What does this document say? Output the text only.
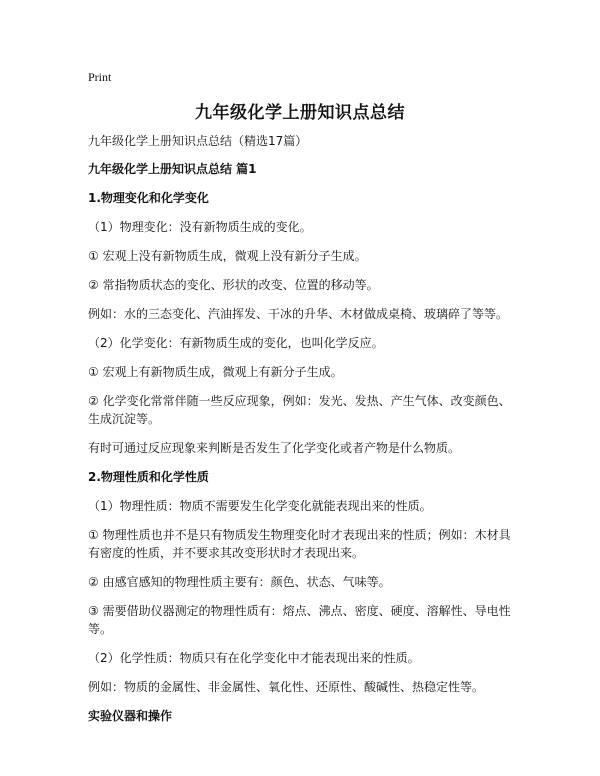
Print
九年级化学上册知识点总结

九年级化学上册知识点总结（精选17篇）

九年级化学上册知识点总结 篇1

1.物理变化和化学变化

（1）物理变化：没有新物质生成的变化。

① 宏观上没有新物质生成，微观上没有新分子生成。

② 常指物质状态的变化、形状的改变、位置的移动等。

例如：水的三态变化、汽油挥发、干冰的升华、木材做成桌椅、玻璃碎了等等。

（2）化学变化：有新物质生成的变化，也叫化学反应。

① 宏观上有新物质生成，微观上有新分子生成。

② 化学变化常常伴随一些反应现象，例如：发光、发热、产生气体、改变颜色、生成沉淀等。

有时可通过反应现象来判断是否发生了化学变化或者产物是什么物质。

2.物理性质和化学性质

（1）物理性质：物质不需要发生化学变化就能表现出来的性质。

① 物理性质也并不是只有物质发生物理变化时才表现出来的性质；例如：木材具有密度的性质，并不要求其改变形状时才表现出来。

② 由感官感知的物理性质主要有：颜色、状态、气味等。

③ 需要借助仪器测定的物理性质有：熔点、沸点、密度、硬度、溶解性、导电性等。

（2）化学性质：物质只有在化学变化中才能表现出来的性质。

例如：物质的金属性、非金属性、氧化性、还原性、酸碱性、热稳定性等。

实验仪器和操作
